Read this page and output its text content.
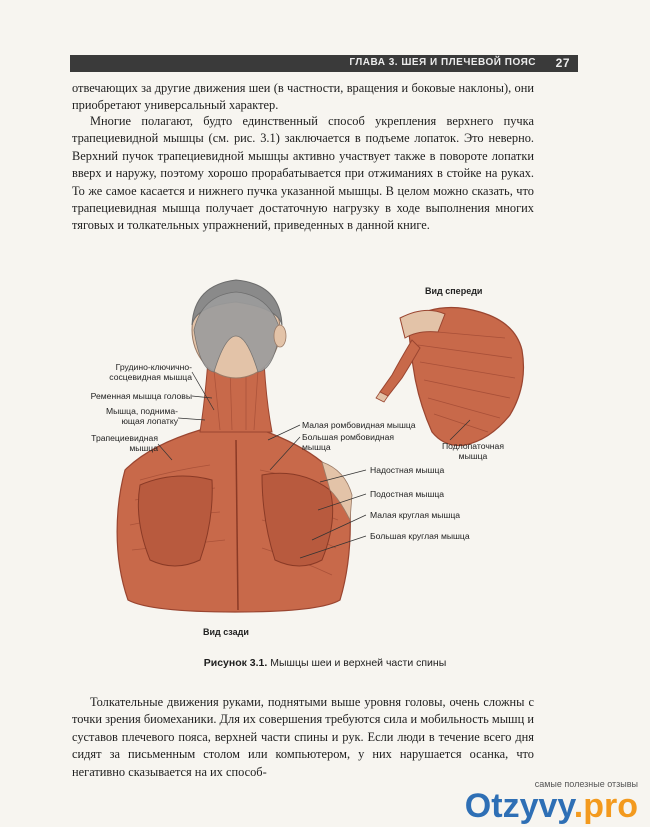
ГЛАВА 3. ШЕЯ И ПЛЕЧЕВОЙ ПОЯС 27

отвечающих за другие движения шеи (в частности, вращения и боковые наклоны), они приобретают универсальный характер.

Многие полагают, будто единственный способ укрепления верхнего пучка трапециевидной мышцы (см. рис. 3.1) заключается в подъеме лопаток. Это неверно. Верхний пучок трапециевидной мышцы активно участвует также в повороте лопатки вверх и наружу, поэтому хорошо прорабатывается при отжиманиях в стойке на руках. То же самое касается и нижнего пучка указанной мышцы. В целом можно сказать, что трапециевидная мышца получает достаточную нагрузку в ходе выполнения многих тяговых и толкательных упражнений, приведенных в данной книге.

Вид спереди
Грудино-ключично-
сосцевидная мышца
Ременная мышца головы
Мышца, поднима-
ющая лопатку
Трапециевидная
мышца
Малая ромбовидная мышца
Большая ромбовидная
мышца	Подлопаточная
мышца
Надостная мышца
Подостная мышца
Малая круглая мышца
Большая круглая мышца
Вид сзади
Рисунок 3.1. Мышцы шеи и верхней части спины

Толкательные движения руками, поднятыми выше уровня головы, очень сложны с точки зрения биомеханики. Для их совершения требуются сила и мобильность мышц и суставов плечевого пояса, верхней части спины и рук. Если люди в течение всего дня сидят за письменным столом или компьютером, у них нарушается осанка, что негативно сказывается на их способ-

самые полезные отзывы
Otzyvy.pro
